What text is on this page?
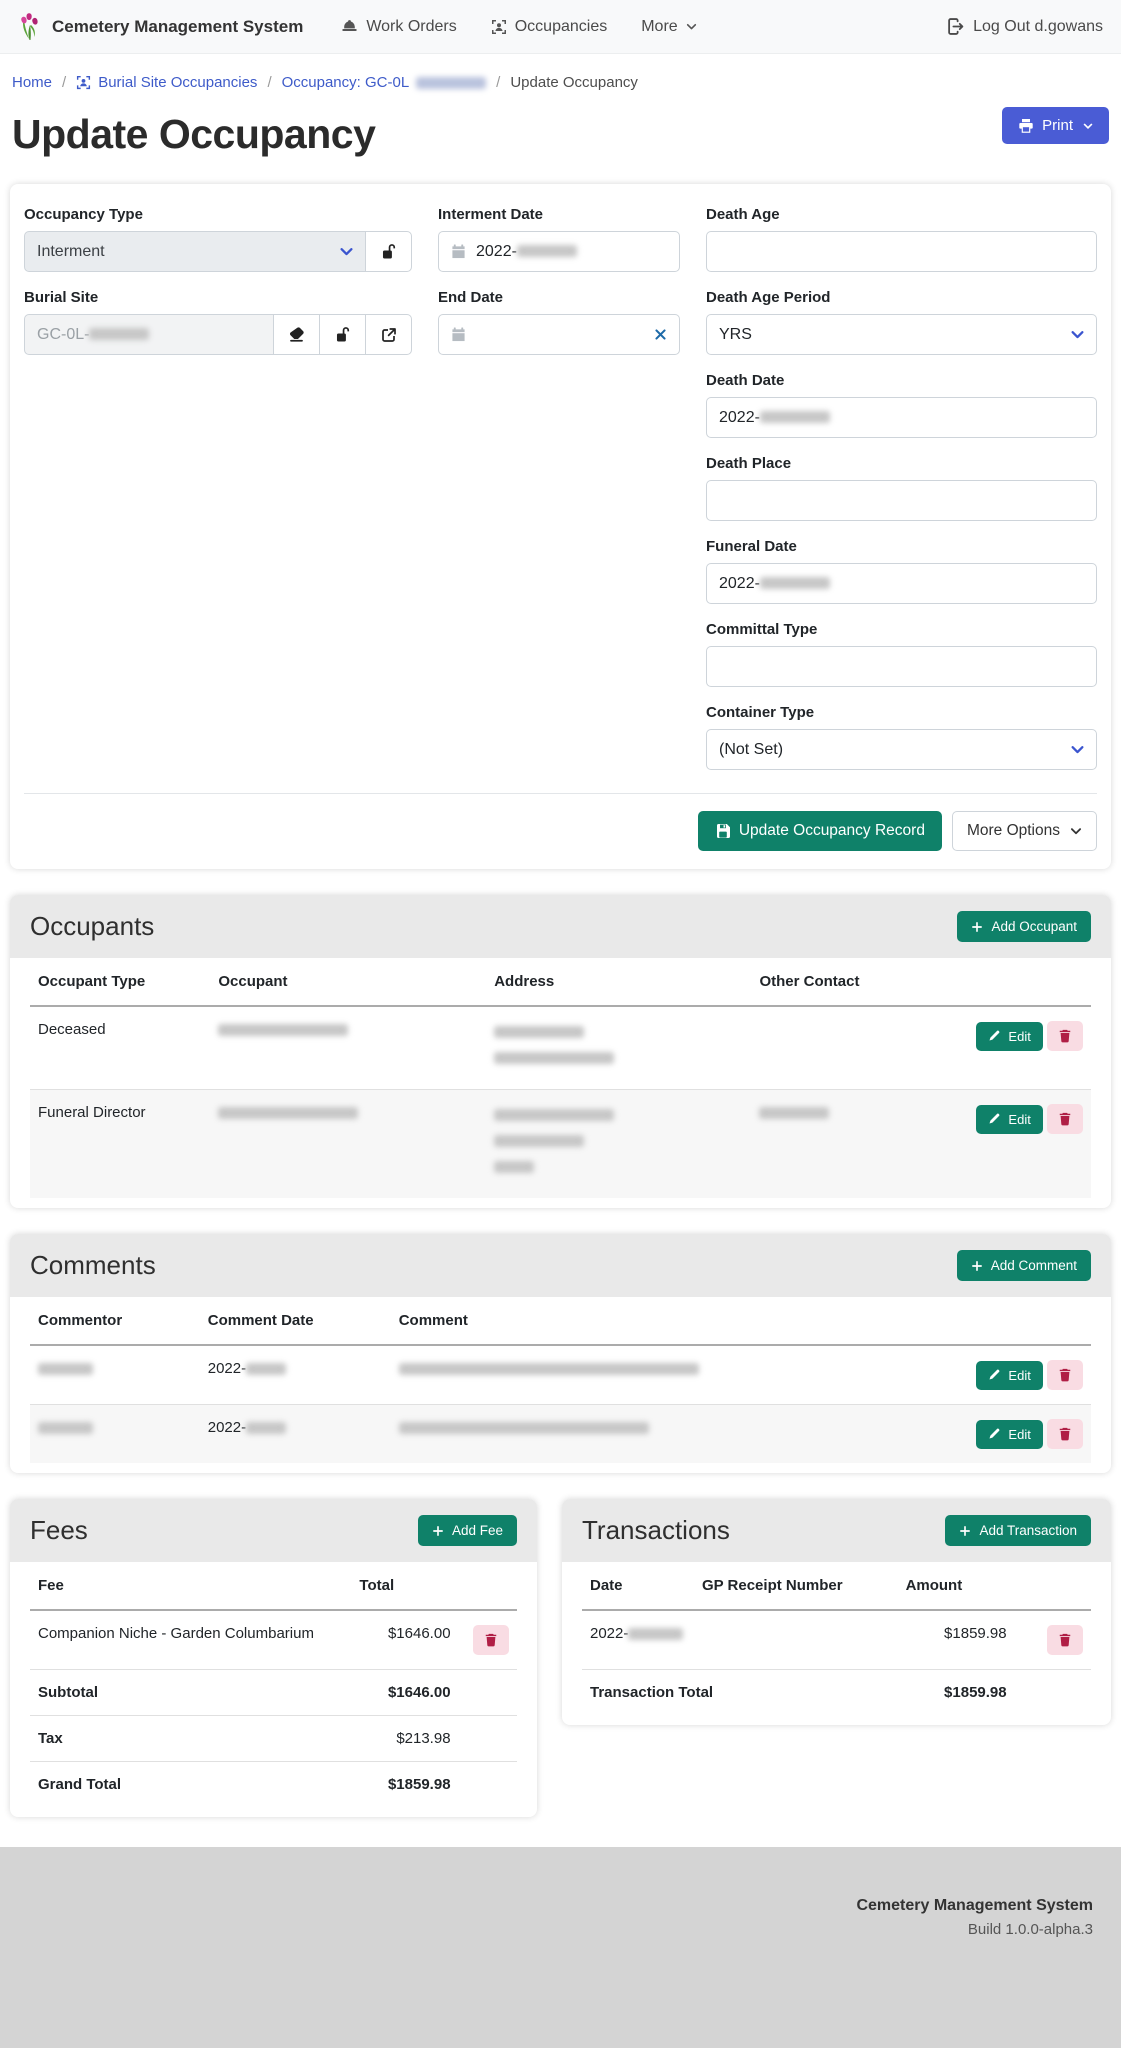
Cemetery Management System	Work Orders	Occupancies More	Log Out d.gowans
Home / Burial Site Occupancies / Occupancy: GC-0L	/ Update Occupancy
Update Occupancy	Print
Occupancy Type
Interment
Burial Site
GC-0L-
Interment Date
2022-
End Date
Death Age
Death Age Period
YRS
Death Date
2022-
Death Place
Funeral Date
2022-
Committal Type
Container Type
(Not Set)
Update Occupancy Record	More Options
Occupants	Add Occupant
Occupant Type	Occupant	Address	Other Contact	
Deceased				Edit

Funeral Director				Edit

Comments	Add Comment
Commentor	Comment Date	Comment	
	2022-		Edit

	2022-		Edit

Fees	Add Fee
Fee	Total	
Companion Niche - Garden Columbarium	$1646.00	

Subtotal	$1646.00	
Tax	$213.98	
Grand Total	$1859.98	
Transactions	Add Transaction
Date	GP Receipt Number	Amount	
2022-		$1859.98	

Transaction Total		$1859.98	
Cemetery Management System
Build 1.0.0-alpha.3
